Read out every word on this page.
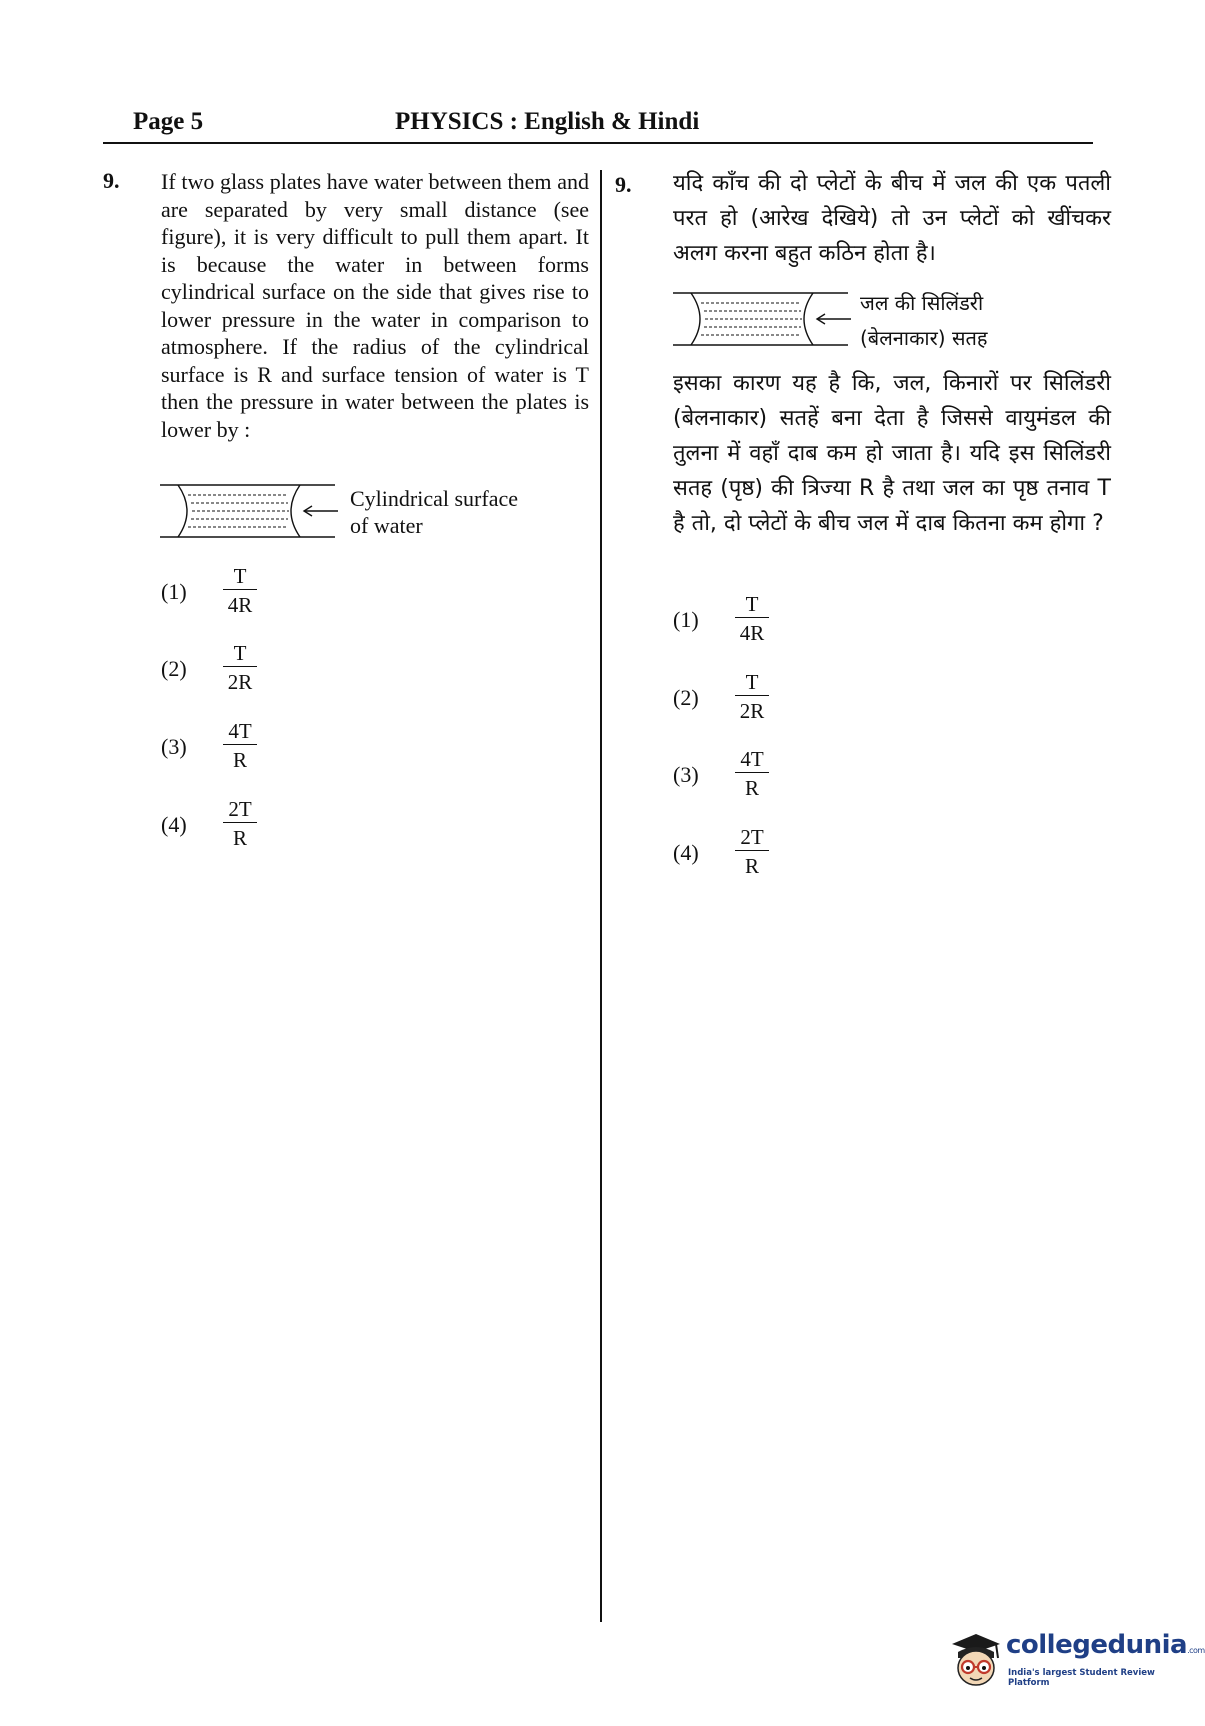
Page 5	PHYSICS : English & Hindi
9. If two glass plates have water between them and are separated by very small distance (see figure), it is very difficult to pull them apart. It is because the water in between forms cylindrical surface on the side that gives rise to lower pressure in the water in comparison to atmosphere. If the radius of the cylindrical surface is R and surface tension of water is T then the pressure in water between the plates is lower by :
Cylindrical surface
of water
$(1) \frac{T}{4R}$
$(2) \frac{T}{2R}$
$(3) \frac{4T}{R}$
$(4) \frac{2T}{R}$
9. यदि काँच की दो प्लेटों के बीच में जल की एक पतली परत हो (आरेख देखिये) तो उन प्लेटों को खींचकर अलग करना बहुत कठिन होता है।
जल की सिलिंडरी
(बेलनाकार) सतह
इसका कारण यह है कि, जल, किनारों पर सिलिंडरी (बेलनाकार) सतहें बना देता है जिससे वायुमंडल की तुलना में वहाँ दाब कम हो जाता है। यदि इस सिलिंडरी सतह (पृष्ठ) की त्रिज्या R है तथा जल का पृष्ठ तनाव T है तो, दो प्लेटों के बीच जल में दाब कितना कम होगा ?
$(1) \frac{T}{4R}$
$(2) \frac{T}{2R}$
$(3) \frac{4T}{R}$
$(4) \frac{2T}{R}$
collegedunia.com
India's largest Student Review Platform
